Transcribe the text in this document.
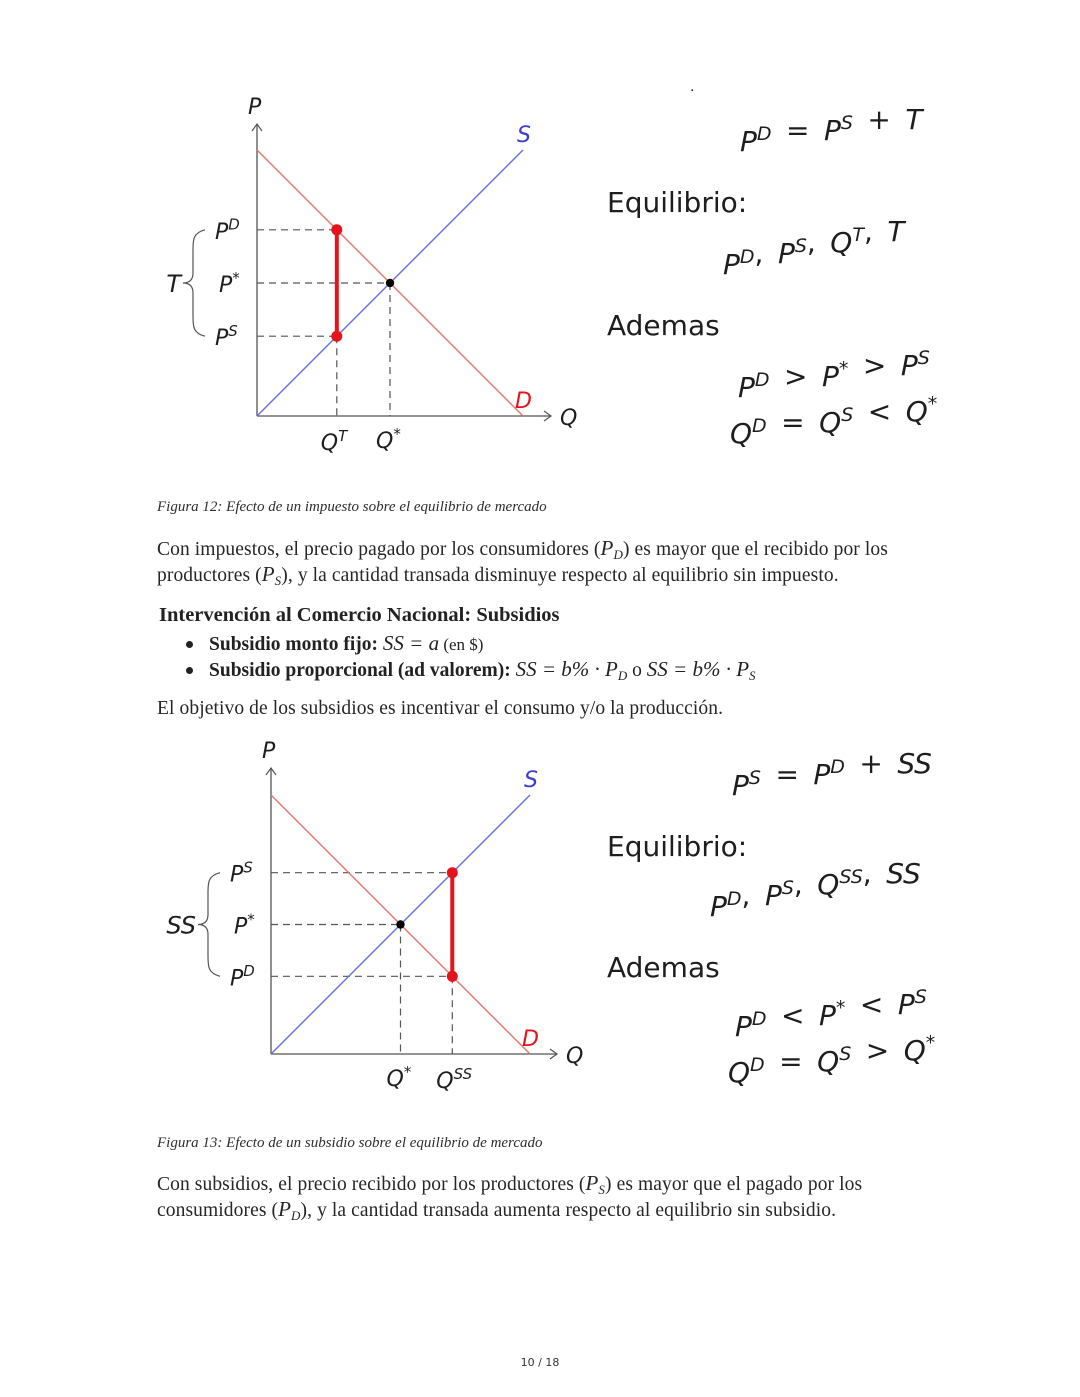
P
Q
S
D
$P^D$
P*
$P^S$
$Q^T$ Q*
T
·
$P^D = P^S + T$
Equilibrio:
$P^D$,  $P^S$,  $Q^T$,  T
Ademas
$P^D > P^* > P^S$
$Q^D = Q^S < Q^*$
Figura 12: Efecto de un impuesto sobre el equilibrio de mercado
Con impuestos, el precio pagado por los consumidores $(P_D)$ es mayor que el recibido por los
productores $(P_S)$, y la cantidad transada disminuye respecto al equilibrio sin impuesto.
Intervención al Comercio Nacional: Subsidios
Subsidio monto fijo: SS = a (en $)
Subsidio proporcional (ad valorem): SS = $b\% \cdot P_D$ o SS = $b\% \cdot P_S$
El objetivo de los subsidios es incentivar el consumo y/o la producción.
P
Q
S
D
$P^S$
P*
$P^D$
$Q^{SS}$
Q*
SS
$P^S = P^D$  +  SS
Equilibrio:
$P^D$,  $P^S$,  $Q^{SS}$,  SS
Ademas
$P^D < P^* < P^S$
$Q^D = Q^S > Q^*$
Figura 13: Efecto de un subsidio sobre el equilibrio de mercado
Con subsidios, el precio recibido por los productores $(P_S)$ es mayor que el pagado por los
consumidores $(P_D)$, y la cantidad transada aumenta respecto al equilibrio sin subsidio.
10 / 18
